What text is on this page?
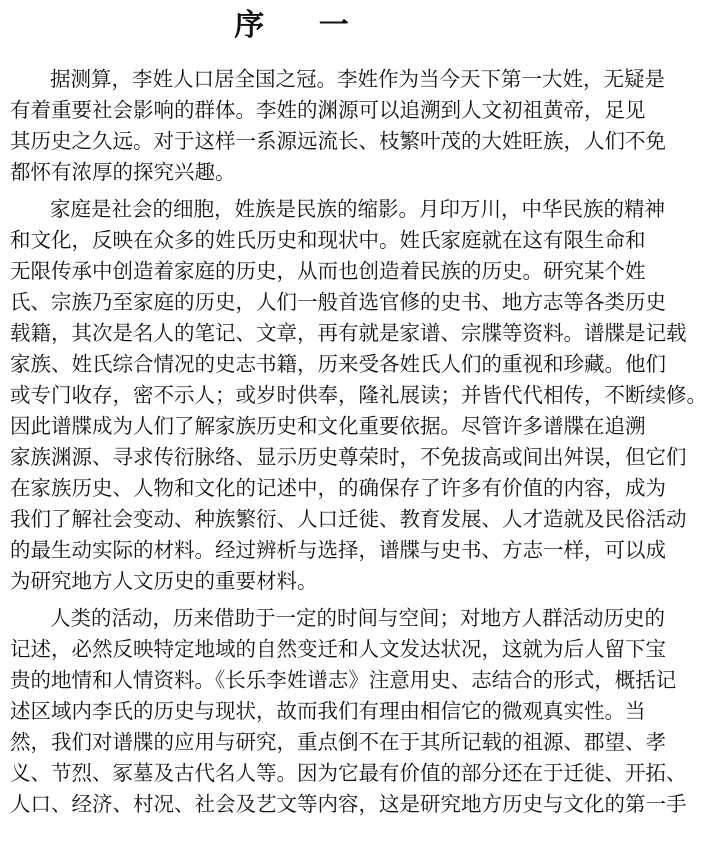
序 一
据测算，李姓人口居全国之冠。李姓作为当今天下第一大姓，无疑是
有着重要社会影响的群体。李姓的渊源可以追溯到人文初祖黄帝，足见
其历史之久远。对于这样一系源远流长、枝繁叶茂的大姓旺族，人们不免
都怀有浓厚的探究兴趣。
家庭是社会的细胞，姓族是民族的缩影。月印万川，中华民族的精神
和文化，反映在众多的姓氏历史和现状中。姓氏家庭就在这有限生命和
无限传承中创造着家庭的历史，从而也创造着民族的历史。研究某个姓
氏、宗族乃至家庭的历史，人们一般首选官修的史书、地方志等各类历史
载籍，其次是名人的笔记、文章，再有就是家谱、宗牒等资料。谱牒是记载
家族、姓氏综合情况的史志书籍，历来受各姓氏人们的重视和珍藏。他们
或专门收存，密不示人；或岁时供奉，隆礼展读；并皆代代相传，不断续修。
因此谱牒成为人们了解家族历史和文化重要依据。尽管许多谱牒在追溯
家族渊源、寻求传衍脉络、显示历史尊荣时，不免拔高或间出舛误，但它们
在家族历史、人物和文化的记述中，的确保存了许多有价值的内容，成为
我们了解社会变动、种族繁衍、人口迁徙、教育发展、人才造就及民俗活动
的最生动实际的材料。经过辨析与选择，谱牒与史书、方志一样，可以成
为研究地方人文历史的重要材料。
人类的活动，历来借助于一定的时间与空间；对地方人群活动历史的
记述，必然反映特定地域的自然变迁和人文发达状况，这就为后人留下宝
贵的地情和人情资料。《长乐李姓谱志》注意用史、志结合的形式，概括记
述区域内李氏的历史与现状，故而我们有理由相信它的微观真实性。当
然，我们对谱牒的应用与研究，重点倒不在于其所记载的祖源、郡望、孝
义、节烈、冢墓及古代名人等。因为它最有价值的部分还在于迁徙、开拓、
人口、经济、村况、社会及艺文等内容，这是研究地方历史与文化的第一手
